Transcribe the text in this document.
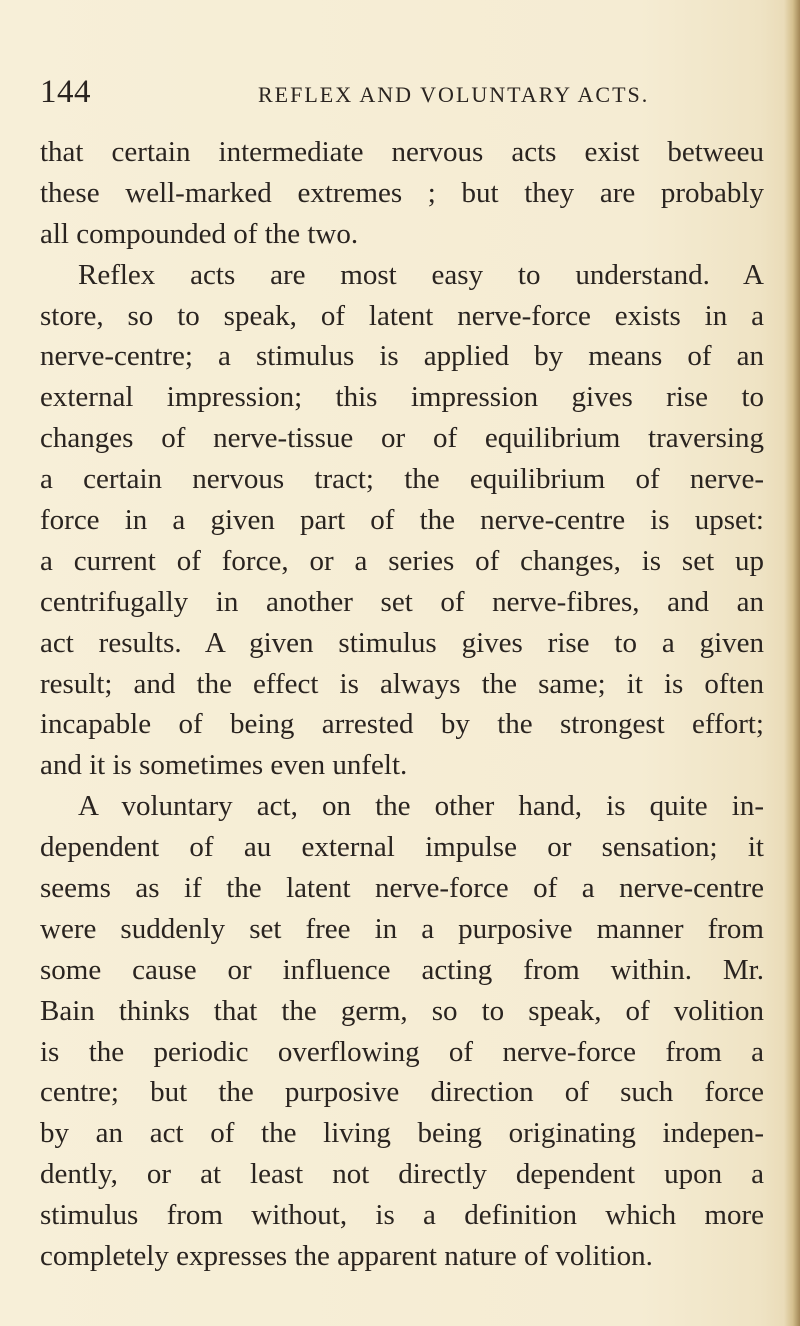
144	REFLEX AND VOLUNTARY ACTS.
that certain intermediate nervous acts exist betweeu
these well-marked extremes ; but they are probably
all compounded of the two.
Reflex acts are most easy to understand. A
store, so to speak, of latent nerve-force exists in a
nerve-centre; a stimulus is applied by means of an
external impression; this impression gives rise to
changes of nerve-tissue or of equilibrium traversing
a certain nervous tract; the equilibrium of nerve-
force in a given part of the nerve-centre is upset:
a current of force, or a series of changes, is set up
centrifugally in another set of nerve-fibres, and an
act results. A given stimulus gives rise to a given
result; and the effect is always the same; it is often
incapable of being arrested by the strongest effort;
and it is sometimes even unfelt.
A voluntary act, on the other hand, is quite in-
dependent of au external impulse or sensation; it
seems as if the latent nerve-force of a nerve-centre
were suddenly set free in a purposive manner from
some cause or influence acting from within. Mr.
Bain thinks that the germ, so to speak, of volition
is the periodic overflowing of nerve-force from a
centre; but the purposive direction of such force
by an act of the living being originating indepen-
dently, or at least not directly dependent upon a
stimulus from without, is a definition which more
completely expresses the apparent nature of volition.
